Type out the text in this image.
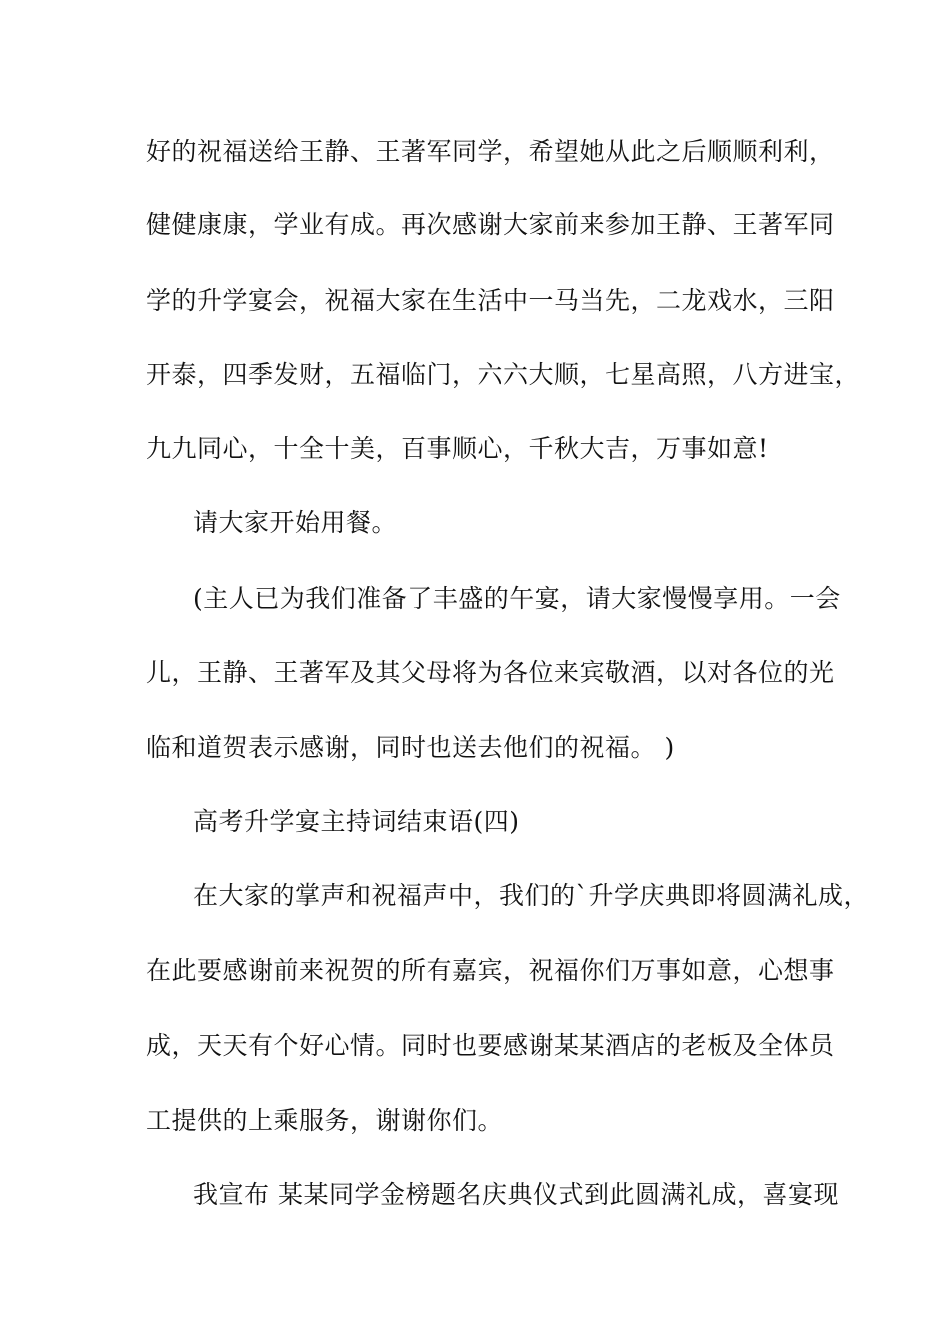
好的祝福送给王静、王著军同学，希望她从此之后顺顺利利，
健健康康，学业有成。再次感谢大家前来参加王静、王著军同
学的升学宴会，祝福大家在生活中一马当先，二龙戏水，三阳
开泰，四季发财，五福临门，六六大顺，七星高照，八方进宝，
九九同心，十全十美，百事顺心，千秋大吉，万事如意!
请大家开始用餐。
(主人已为我们准备了丰盛的午宴，请大家慢慢享用。一会
儿，王静、王著军及其父母将为各位来宾敬酒，以对各位的光
临和道贺表示感谢，同时也送去他们的祝福。 )
高考升学宴主持词结束语(四)
在大家的掌声和祝福声中，我们的`升学庆典即将圆满礼成，
在此要感谢前来祝贺的所有嘉宾，祝福你们万事如意，心想事
成，天天有个好心情。同时也要感谢某某酒店的老板及全体员
工提供的上乘服务，谢谢你们。
我宣布 某某同学金榜题名庆典仪式到此圆满礼成，喜宴现
